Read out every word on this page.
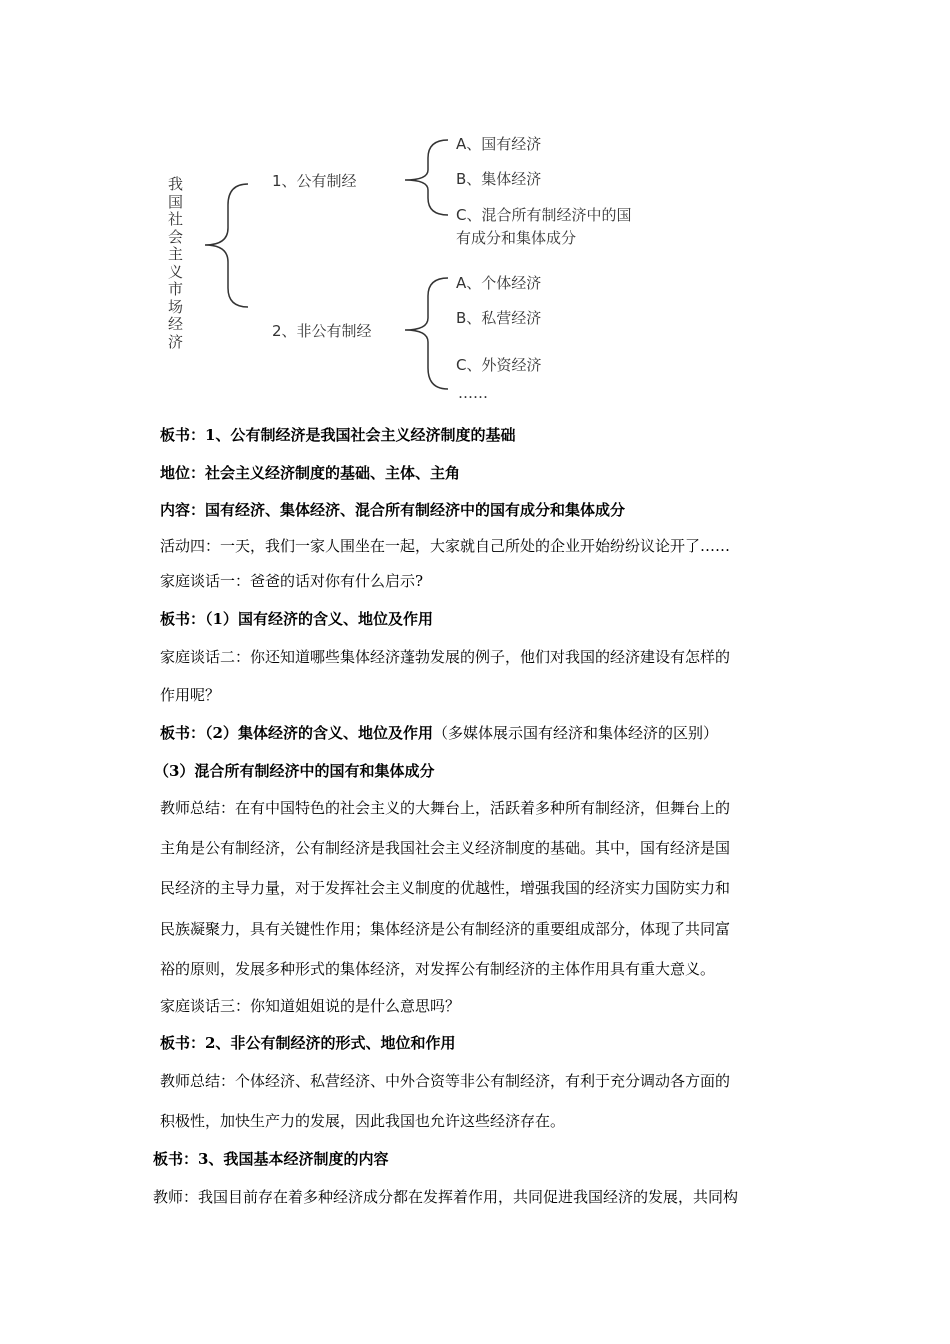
我国社会主义市场经济
1、公有制经
A、国有经济
B、集体经济
C、混合所有制经济中的国
有成分和集体成分
2、非公有制经
A、个体经济
B、私营经济
C、外资经济
……
板书：1、公有制经济是我国社会主义经济制度的基础
地位：社会主义经济制度的基础、主体、主角
内容：国有经济、集体经济、混合所有制经济中的国有成分和集体成分
活动四：一天，我们一家人围坐在一起，大家就自己所处的企业开始纷纷议论开了……
家庭谈话一：爸爸的话对你有什么启示?
板书：（1）国有经济的含义、地位及作用
家庭谈话二：你还知道哪些集体经济蓬勃发展的例子，他们对我国的经济建设有怎样的
作用呢？
板书：（2）集体经济的含义、地位及作用（多媒体展示国有经济和集体经济的区别）
（3）混合所有制经济中的国有和集体成分
教师总结：在有中国特色的社会主义的大舞台上，活跃着多种所有制经济，但舞台上的
主角是公有制经济，公有制经济是我国社会主义经济制度的基础。其中，国有经济是国
民经济的主导力量，对于发挥社会主义制度的优越性，增强我国的经济实力国防实力和
民族凝聚力，具有关键性作用；集体经济是公有制经济的重要组成部分，体现了共同富
裕的原则，发展多种形式的集体经济，对发挥公有制经济的主体作用具有重大意义。
家庭谈话三：你知道姐姐说的是什么意思吗？
板书：2、非公有制经济的形式、地位和作用
教师总结：个体经济、私营经济、中外合资等非公有制经济，有利于充分调动各方面的
积极性，加快生产力的发展，因此我国也允许这些经济存在。
板书：3、我国基本经济制度的内容
教师：我国目前存在着多种经济成分都在发挥着作用，共同促进我国经济的发展，共同构
